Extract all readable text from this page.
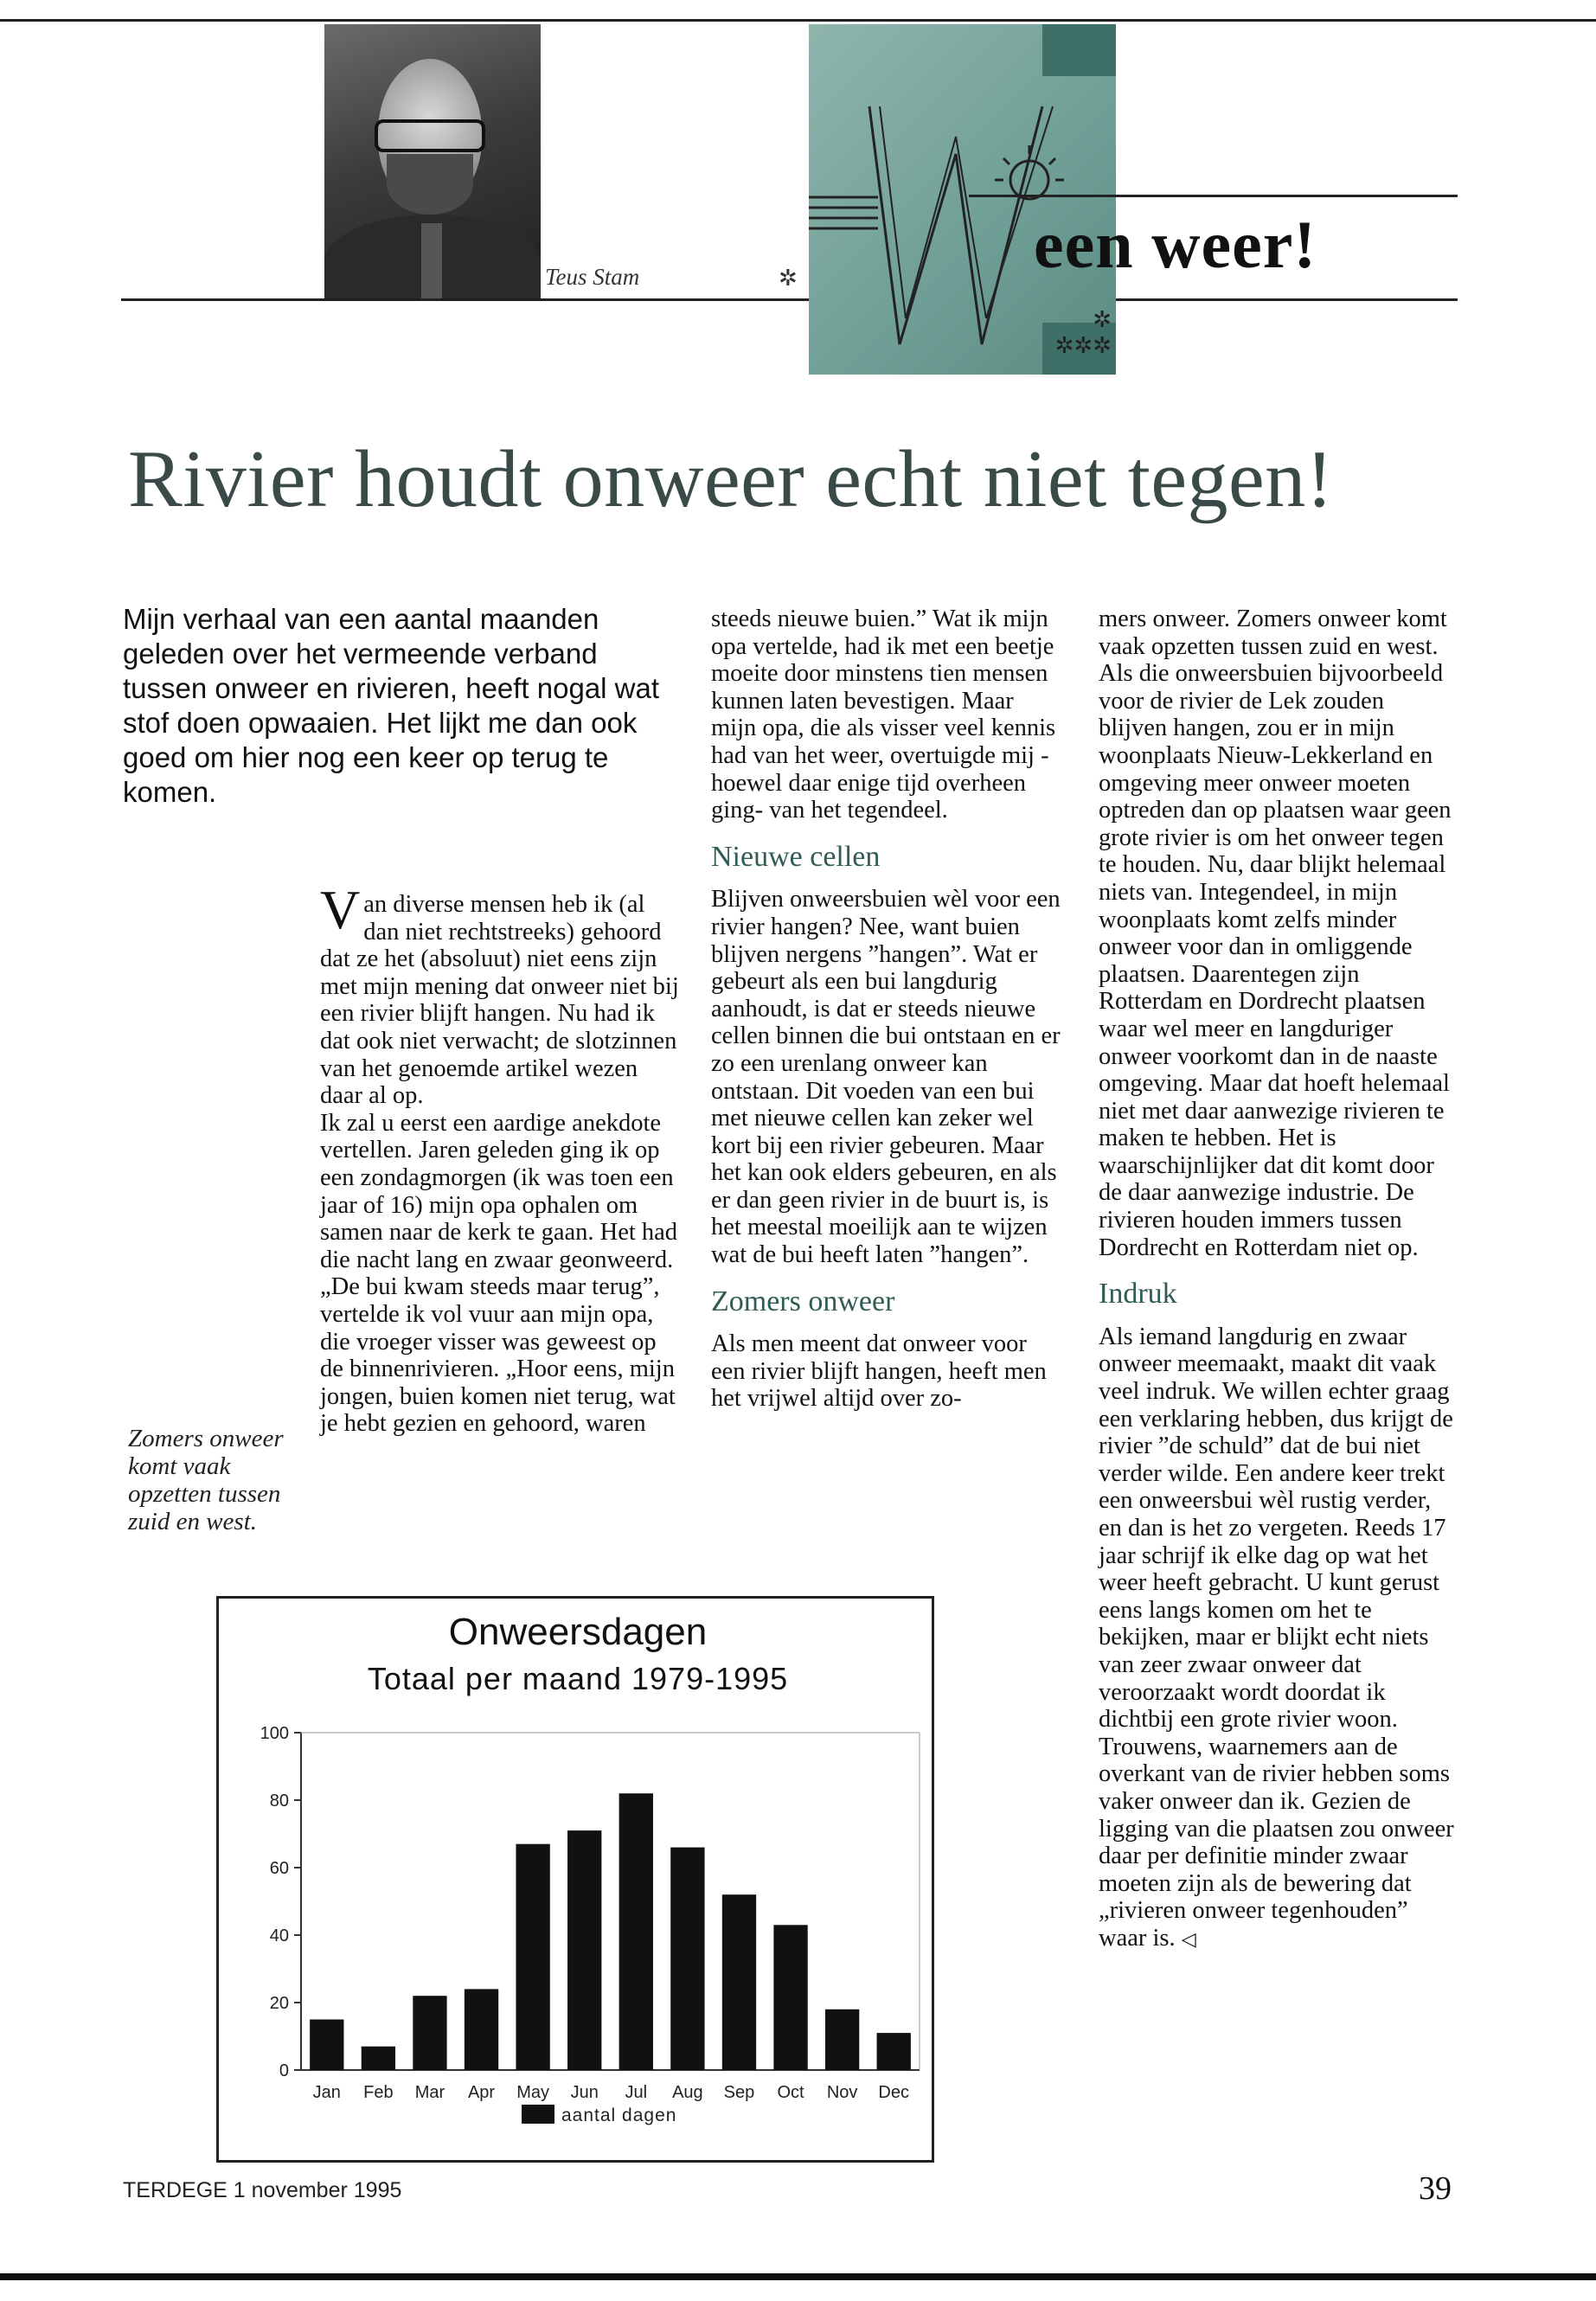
Teus Stam	✲	een weer!
✲
✲✲✲
Rivier houdt onweer echt niet tegen!
Mijn verhaal van een aantal maanden geleden over het vermeende verband tussen onweer en rivieren, heeft nogal wat stof doen opwaaien. Het lijkt me dan ook goed om hier nog een keer op terug te komen.
Zomers onweer komt vaak opzetten tussen zuid en west.

Van diverse mensen heb ik (al dan niet rechtstreeks) gehoord dat ze het (absoluut) niet eens zijn met mijn mening dat onweer niet bij een rivier blijft hangen. Nu had ik dat ook niet verwacht; de slotzinnen van het genoemde artikel wezen daar al op.

Ik zal u eerst een aardige anekdote vertellen. Jaren geleden ging ik op een zondagmorgen (ik was toen een jaar of 16) mijn opa ophalen om samen naar de kerk te gaan. Het had die nacht lang en zwaar geonweerd. „De bui kwam steeds maar terug”, vertelde ik vol vuur aan mijn opa, die vroeger visser was geweest op de binnenrivieren. „Hoor eens, mijn jongen, buien komen niet terug, wat je hebt gezien en gehoord, waren

steeds nieuwe buien.” Wat ik mijn opa vertelde, had ik met een beetje moeite door minstens tien mensen kunnen laten bevestigen. Maar mijn opa, die als visser veel kennis had van het weer, overtuigde mij -hoewel daar enige tijd overheen ging- van het tegendeel.

Nieuwe cellen

Blijven onweersbuien wèl voor een rivier hangen? Nee, want buien blijven nergens ”hangen”. Wat er gebeurt als een bui langdurig aanhoudt, is dat er steeds nieuwe cellen binnen die bui ontstaan en er zo een urenlang onweer kan ontstaan. Dit voeden van een bui met nieuwe cellen kan zeker wel kort bij een rivier gebeuren. Maar het kan ook elders gebeuren, en als er dan geen rivier in de buurt is, is het meestal moeilijk aan te wijzen wat de bui heeft laten ”hangen”.

Zomers onweer

Als men meent dat onweer voor een rivier blijft hangen, heeft men het vrijwel altijd over zo-

mers onweer. Zomers onweer komt vaak opzetten tussen zuid en west. Als die onweersbuien bijvoorbeeld voor de rivier de Lek zouden blijven hangen, zou er in mijn woonplaats Nieuw-Lekkerland en omgeving meer onweer moeten optreden dan op plaatsen waar geen grote rivier is om het onweer tegen te houden. Nu, daar blijkt helemaal niets van. Integendeel, in mijn woonplaats komt zelfs minder onweer voor dan in omliggende plaatsen. Daarentegen zijn Rotterdam en Dordrecht plaatsen waar wel meer en langduriger onweer voorkomt dan in de naaste omgeving. Maar dat hoeft helemaal niet met daar aanwezige rivieren te maken te hebben. Het is waarschijnlijker dat dit komt door de daar aanwezige industrie. De rivieren houden immers tussen Dordrecht en Rotterdam niet op.

Indruk

Als iemand langdurig en zwaar onweer meemaakt, maakt dit vaak veel indruk. We willen echter graag een verklaring hebben, dus krijgt de rivier ”de schuld” dat de bui niet verder wilde. Een andere keer trekt een onweersbui wèl rustig verder, en dan is het zo vergeten. Reeds 17 jaar schrijf ik elke dag op wat het weer heeft gebracht. U kunt gerust eens langs komen om het te bekijken, maar er blijkt echt niets van zeer zwaar onweer dat veroorzaakt wordt doordat ik dichtbij een grote rivier woon. Trouwens, waarnemers aan de overkant van de rivier hebben soms vaker onweer dan ik. Gezien de ligging van die plaatsen zou onweer daar per definitie minder zwaar moeten zijn als de bewering dat „rivieren onweer tegenhouden” waar is. ◁

Onweersdagen
Totaal per maand 1979-1995
0
20
40
60
80
100
Jan Feb Mar Apr May Jun Jul Aug Sep Oct Nov Dec
aantal dagen
TERDEGE 1 november 1995	39
